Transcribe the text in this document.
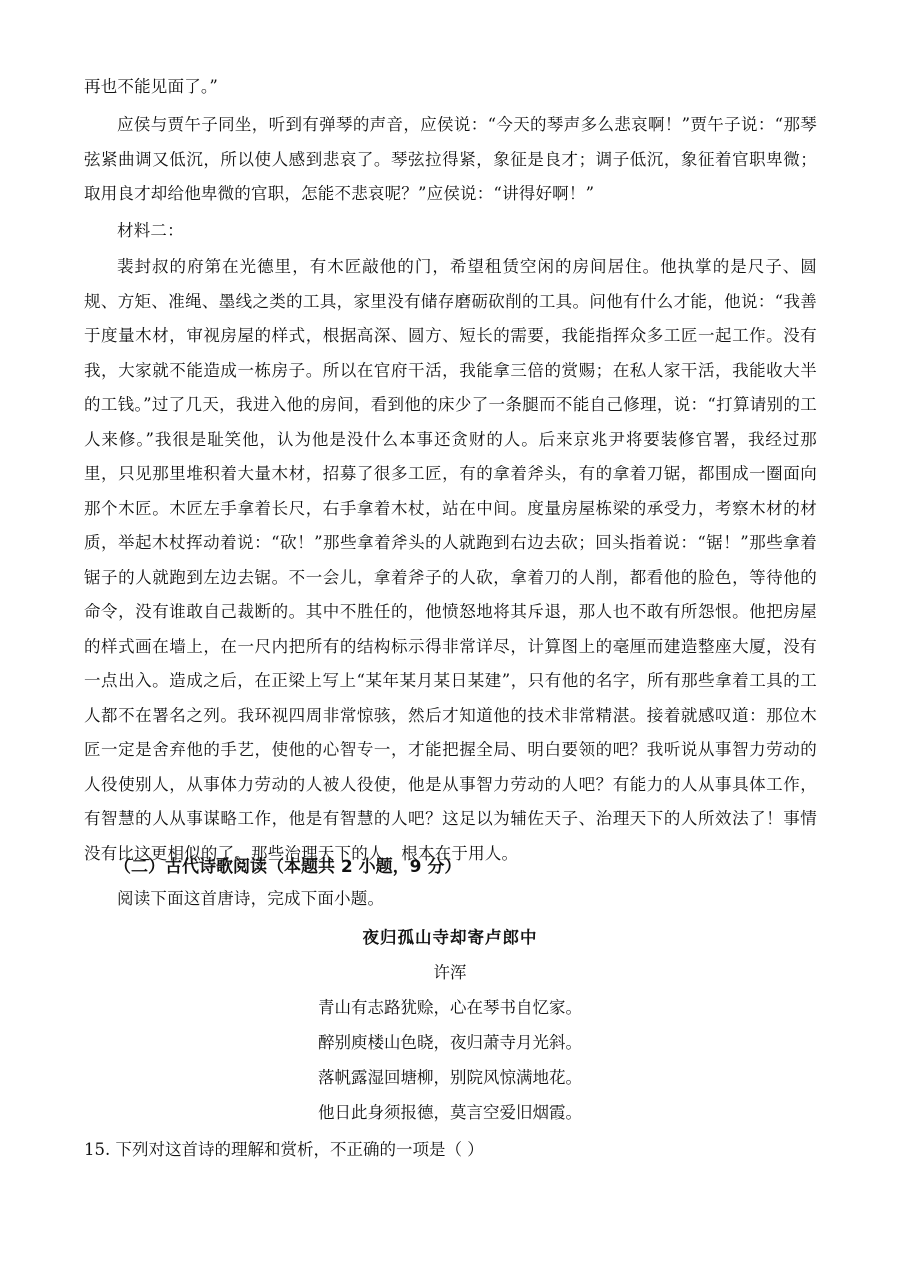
再也不能见面了。”

应侯与贾午子同坐，听到有弹琴的声音，应侯说：“今天的琴声多么悲哀啊！”贾午子说：“那琴弦紧曲调又低沉，所以使人感到悲哀了。琴弦拉得紧，象征是良才；调子低沉，象征着官职卑微；取用良才却给他卑微的官职，怎能不悲哀呢？”应侯说：“讲得好啊！”

材料二：

裴封叔的府第在光德里，有木匠敲他的门，希望租赁空闲的房间居住。他执掌的是尺子、圆规、方矩、准绳、墨线之类的工具，家里没有储存磨砺砍削的工具。问他有什么才能，他说：“我善于度量木材，审视房屋的样式，根据高深、圆方、短长的需要，我能指挥众多工匠一起工作。没有我，大家就不能造成一栋房子。所以在官府干活，我能拿三倍的赏赐；在私人家干活，我能收大半的工钱。”过了几天，我进入他的房间，看到他的床少了一条腿而不能自己修理，说：“打算请别的工人来修。”我很是耻笑他，认为他是没什么本事还贪财的人。后来京兆尹将要装修官署，我经过那里，只见那里堆积着大量木材，招募了很多工匠，有的拿着斧头，有的拿着刀锯，都围成一圈面向那个木匠。木匠左手拿着长尺，右手拿着木杖，站在中间。度量房屋栋梁的承受力，考察木材的材质，举起木杖挥动着说：“砍！”那些拿着斧头的人就跑到右边去砍；回头指着说：“锯！”那些拿着锯子的人就跑到左边去锯。不一会儿，拿着斧子的人砍，拿着刀的人削，都看他的脸色，等待他的命令，没有谁敢自己裁断的。其中不胜任的，他愤怒地将其斥退，那人也不敢有所怨恨。他把房屋的样式画在墙上，在一尺内把所有的结构标示得非常详尽，计算图上的毫厘而建造整座大厦，没有一点出入。造成之后，在正梁上写上“某年某月某日某建”，只有他的名字，所有那些拿着工具的工人都不在署名之列。我环视四周非常惊骇，然后才知道他的技术非常精湛。接着就感叹道：那位木匠一定是舍弃他的手艺，使他的心智专一，才能把握全局、明白要领的吧？我听说从事智力劳动的人役使别人，从事体力劳动的人被人役使，他是从事智力劳动的人吧？有能力的人从事具体工作，有智慧的人从事谋略工作，他是有智慧的人吧？这足以为辅佐天子、治理天下的人所效法了！事情没有比这更相似的了。那些治理天下的人，根本在于用人。

（二）古代诗歌阅读（本题共 2 小题，9 分）

阅读下面这首唐诗，完成下面小题。

夜归孤山寺却寄卢郎中

许浑

青山有志路犹赊，心在琴书自忆家。

醉别庾楼山色晓，夜归萧寺月光斜。

落帆露湿回塘柳，别院风惊满地花。

他日此身须报德，莫言空爱旧烟霞。

15. 下列对这首诗的理解和赏析，不正确的一项是（ ）
